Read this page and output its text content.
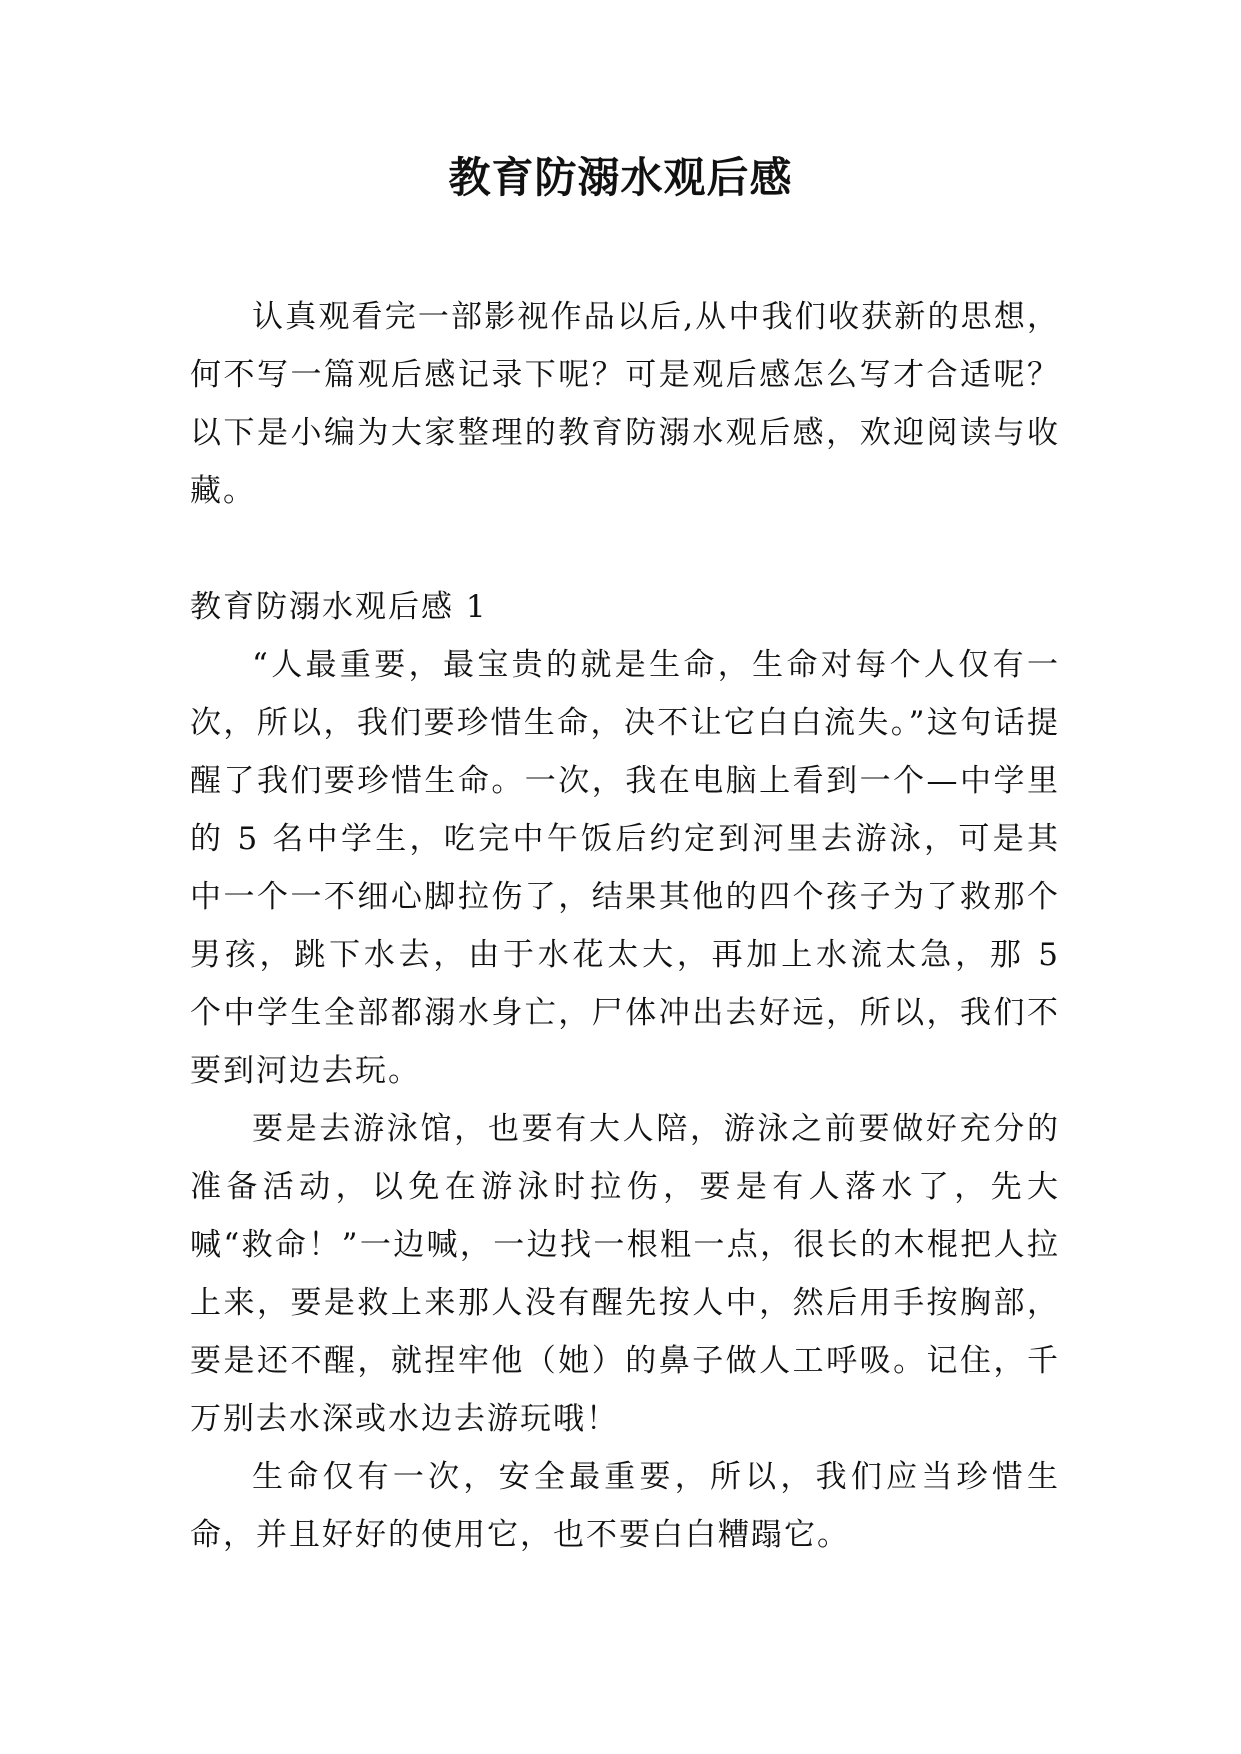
教育防溺水观后感

认真观看完一部影视作品以后,从中我们收获新的思想，何不写一篇观后感记录下呢？可是观后感怎么写才合适呢？以下是小编为大家整理的教育防溺水观后感，欢迎阅读与收藏。

教育防溺水观后感 1

“人最重要，最宝贵的就是生命，生命对每个人仅有一次，所以，我们要珍惜生命，决不让它白白流失。”这句话提醒了我们要珍惜生命。一次，我在电脑上看到一个—中学里的 5 名中学生，吃完中午饭后约定到河里去游泳，可是其中一个一不细心脚拉伤了，结果其他的四个孩子为了救那个男孩，跳下水去，由于水花太大，再加上水流太急，那 5 个中学生全部都溺水身亡，尸体冲出去好远，所以，我们不要到河边去玩。

要是去游泳馆，也要有大人陪，游泳之前要做好充分的准备活动，以免在游泳时拉伤，要是有人落水了，先大喊“救命！”一边喊，一边找一根粗一点，很长的木棍把人拉上来，要是救上来那人没有醒先按人中，然后用手按胸部，要是还不醒，就捏牢他（她）的鼻子做人工呼吸。记住，千万别去水深或水边去游玩哦！

生命仅有一次，安全最重要，所以，我们应当珍惜生命，并且好好的使用它，也不要白白糟蹋它。
